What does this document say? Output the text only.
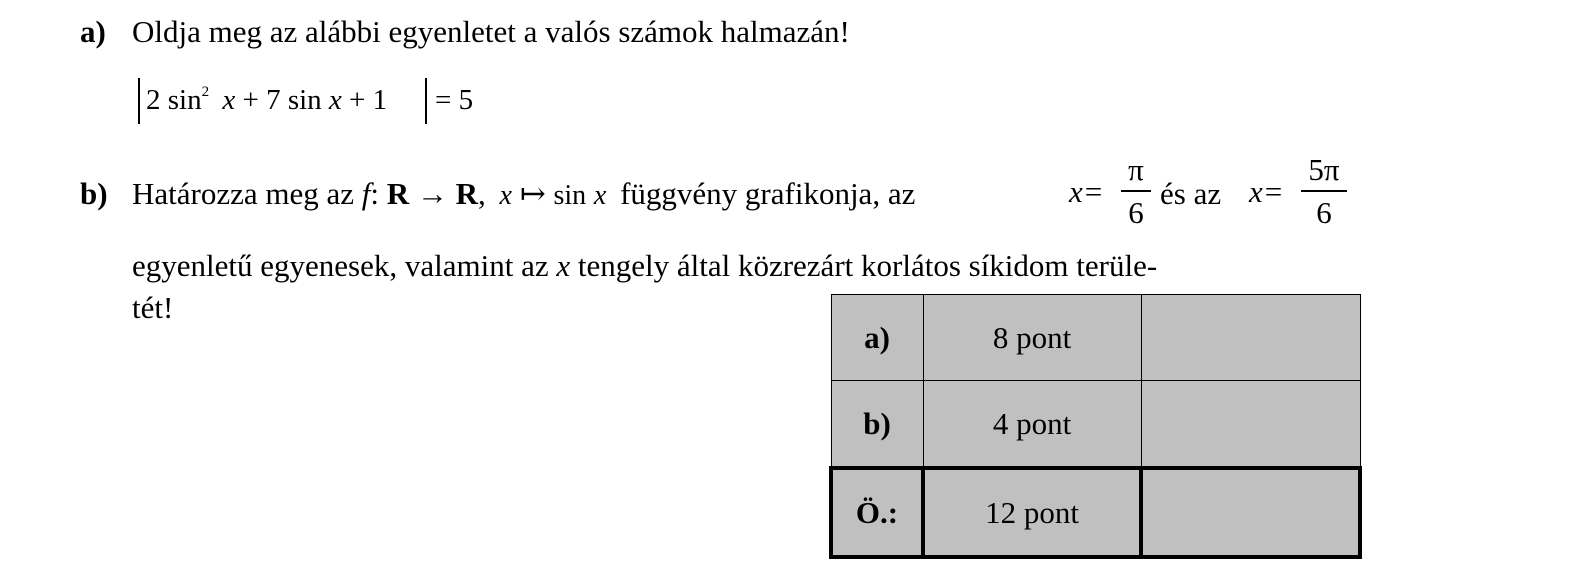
a) Oldja meg az alábbi egyenletet a valós számok halmazán!
2 $\sin^2 x + 7$ sin x + 1 = 5
b) Határozza meg az f: R → R, x ↦ sin x függvény grafikonja, az	x=
π
6
és az x=
5π
6
egyenletű egyenesek, valamint az x tengely által közrezárt korlátos síkidom terüle-
tét!
a)	8 pont	
b)	4 pont	
Ö.:	12 pont	
